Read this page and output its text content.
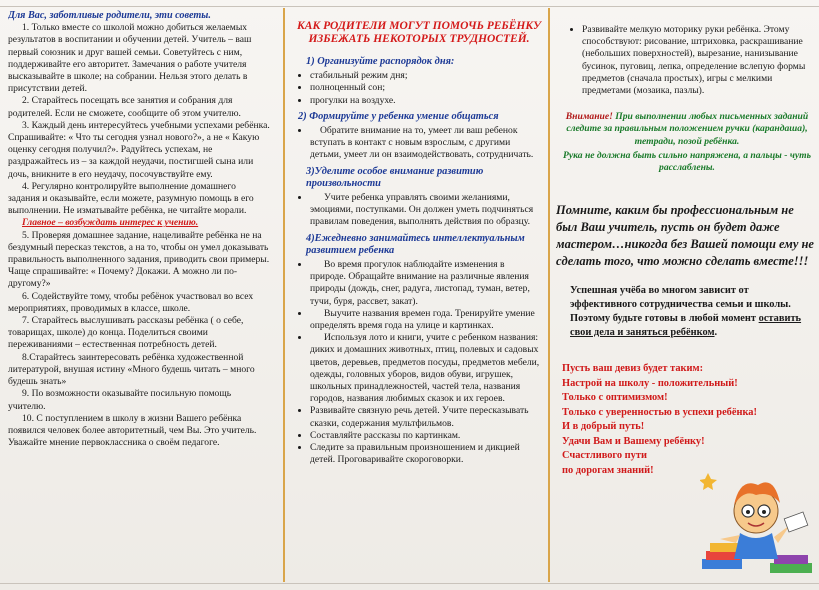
Для Вас, заботливые родители, эти советы.

1. Только вместе со школой можно добиться желаемых результатов в воспитании и обучении детей. Учитель – ваш первый союзник и друг вашей семьи. Советуйтесь с ним, поддерживайте его авторитет. Замечания о работе учителя высказывайте в школе; на собрании. Нельзя этого делать в присутствии детей.

2. Старайтесь посещать все занятия и собрания для родителей. Если не сможете, сообщите об этом учителю.

3. Каждый день интересуйтесь учебными успехами ребёнка. Спрашивайте: « Что ты сегодня узнал нового?», а не « Какую оценку сегодня получил?». Радуйтесь успехам, не раздражайтесь из – за каждой неудачи, постигшей сына или дочь, вникните в его неудачу, посочувствуйте ему.

4. Регулярно контролируйте выполнение домашнего задания и оказывайте, если можете, разумную помощь в его выполнении. Не изматывайте ребёнка, не читайте морали.

Главное – возбуждать интерес к учению.

5. Проверяя домашнее задание, нацеливайте ребёнка не на бездумный пересказ текстов, а на то, чтобы он умел доказывать правильность выполненного задания, приводить свои примеры. Чаще спрашивайте: « Почему? Докажи. А можно ли по- другому?»

6. Содействуйте тому, чтобы ребёнок участвовал во всех мероприятиях, проводимых в классе, школе.

7. Старайтесь выслушивать рассказы ребёнка ( о себе, товарищах, школе) до конца. Поделиться своими переживаниями – естественная потребность детей.

8.Старайтесь заинтересовать ребёнка художественной литературой, внушая истину «Много будешь читать – много будешь знать»

9. По возможности оказывайте посильную помощь учителю.

10. С поступлением в школу в жизни Вашего ребёнка появился человек более авторитетный, чем Вы. Это учитель. Уважайте мнение первоклассника о своём педагоге.

КАК РОДИТЕЛИ МОГУТ ПОМОЧЬ РЕБЁНКУ ИЗБЕЖАТЬ НЕКОТОРЫХ ТРУДНОСТЕЙ.
1) Организуйте распорядок дня:
• стабильный режим дня;
• полноценный сон;
• прогулки на воздухе.
2) Формируйте у ребенка умение общаться
• Обратите внимание на то, умеет ли ваш ребенок вступать в контакт с новым взрослым, с другими детьми, умеет ли он взаимодействовать, сотрудничать.
3)Уделите особое внимание развитию произвольности
• Учите ребенка управлять своими желаниями, эмоциями, поступками. Он должен уметь подчиняться правилам поведения, выполнять действия по образцу.
4)Ежедневно занимайтесь интеллектуальным развитием ребенка
• Во время прогулок наблюдайте изменения в природе. Обращайте внимание на различные явления природы (дождь, снег, радуга, листопад, туман, ветер, тучи, буря, рассвет, закат).
• Выучите названия времен года. Тренируйте умение определять время года на улице и картинках.
• Используя лото и книги, учите с ребенком названия: диких и домашних животных, птиц, полевых и садовых цветов, деревьев, предметов посуды, предметов мебели, одежды, головных уборов, видов обуви, игрушек, школьных принадлежностей, частей тела, названия городов, названия любимых сказок и их героев.
• Развивайте связную речь детей. Учите пересказывать сказки, содержания мультфильмов.
• Составляйте рассказы по картинкам.
• Следите за правильным произношением и дикцией детей. Проговаривайте скороговорки.
• Развивайте мелкую моторику руки ребёнка. Этому способствуют: рисование, штриховка, раскрашивание (небольших поверхностей), вырезание, нанизывание бусинок, пуговиц, лепка, определение вслепую формы предметов (сначала простых), игры с мелкими предметами (мозаика, пазлы).
Внимание! При выполнении любых письменных заданий следите за правильным положением ручки (карандаша), тетради, позой ребёнка.
Рука не должна быть сильно напряжена, а пальцы - чуть расслаблены.
Помните, каким бы профессиональным не был Ваш учитель, пусть он будет даже мастером…никогда без Вашей помощи ему не сделать того, что можно сделать вместе!!!
Успешная учёба во многом зависит от эффективного сотрудничества семьи и школы. Поэтому будьте готовы в любой момент оставить свои дела и заняться ребёнком.
Пусть ваш девиз будет таким:
Настрой на школу - положительный!
Только с оптимизмом!
Только с уверенностью в успехи ребёнка!
И в добрый путь!
Удачи Вам и Вашему ребёнку!
Счастливого пути
по дорогам знаний!
